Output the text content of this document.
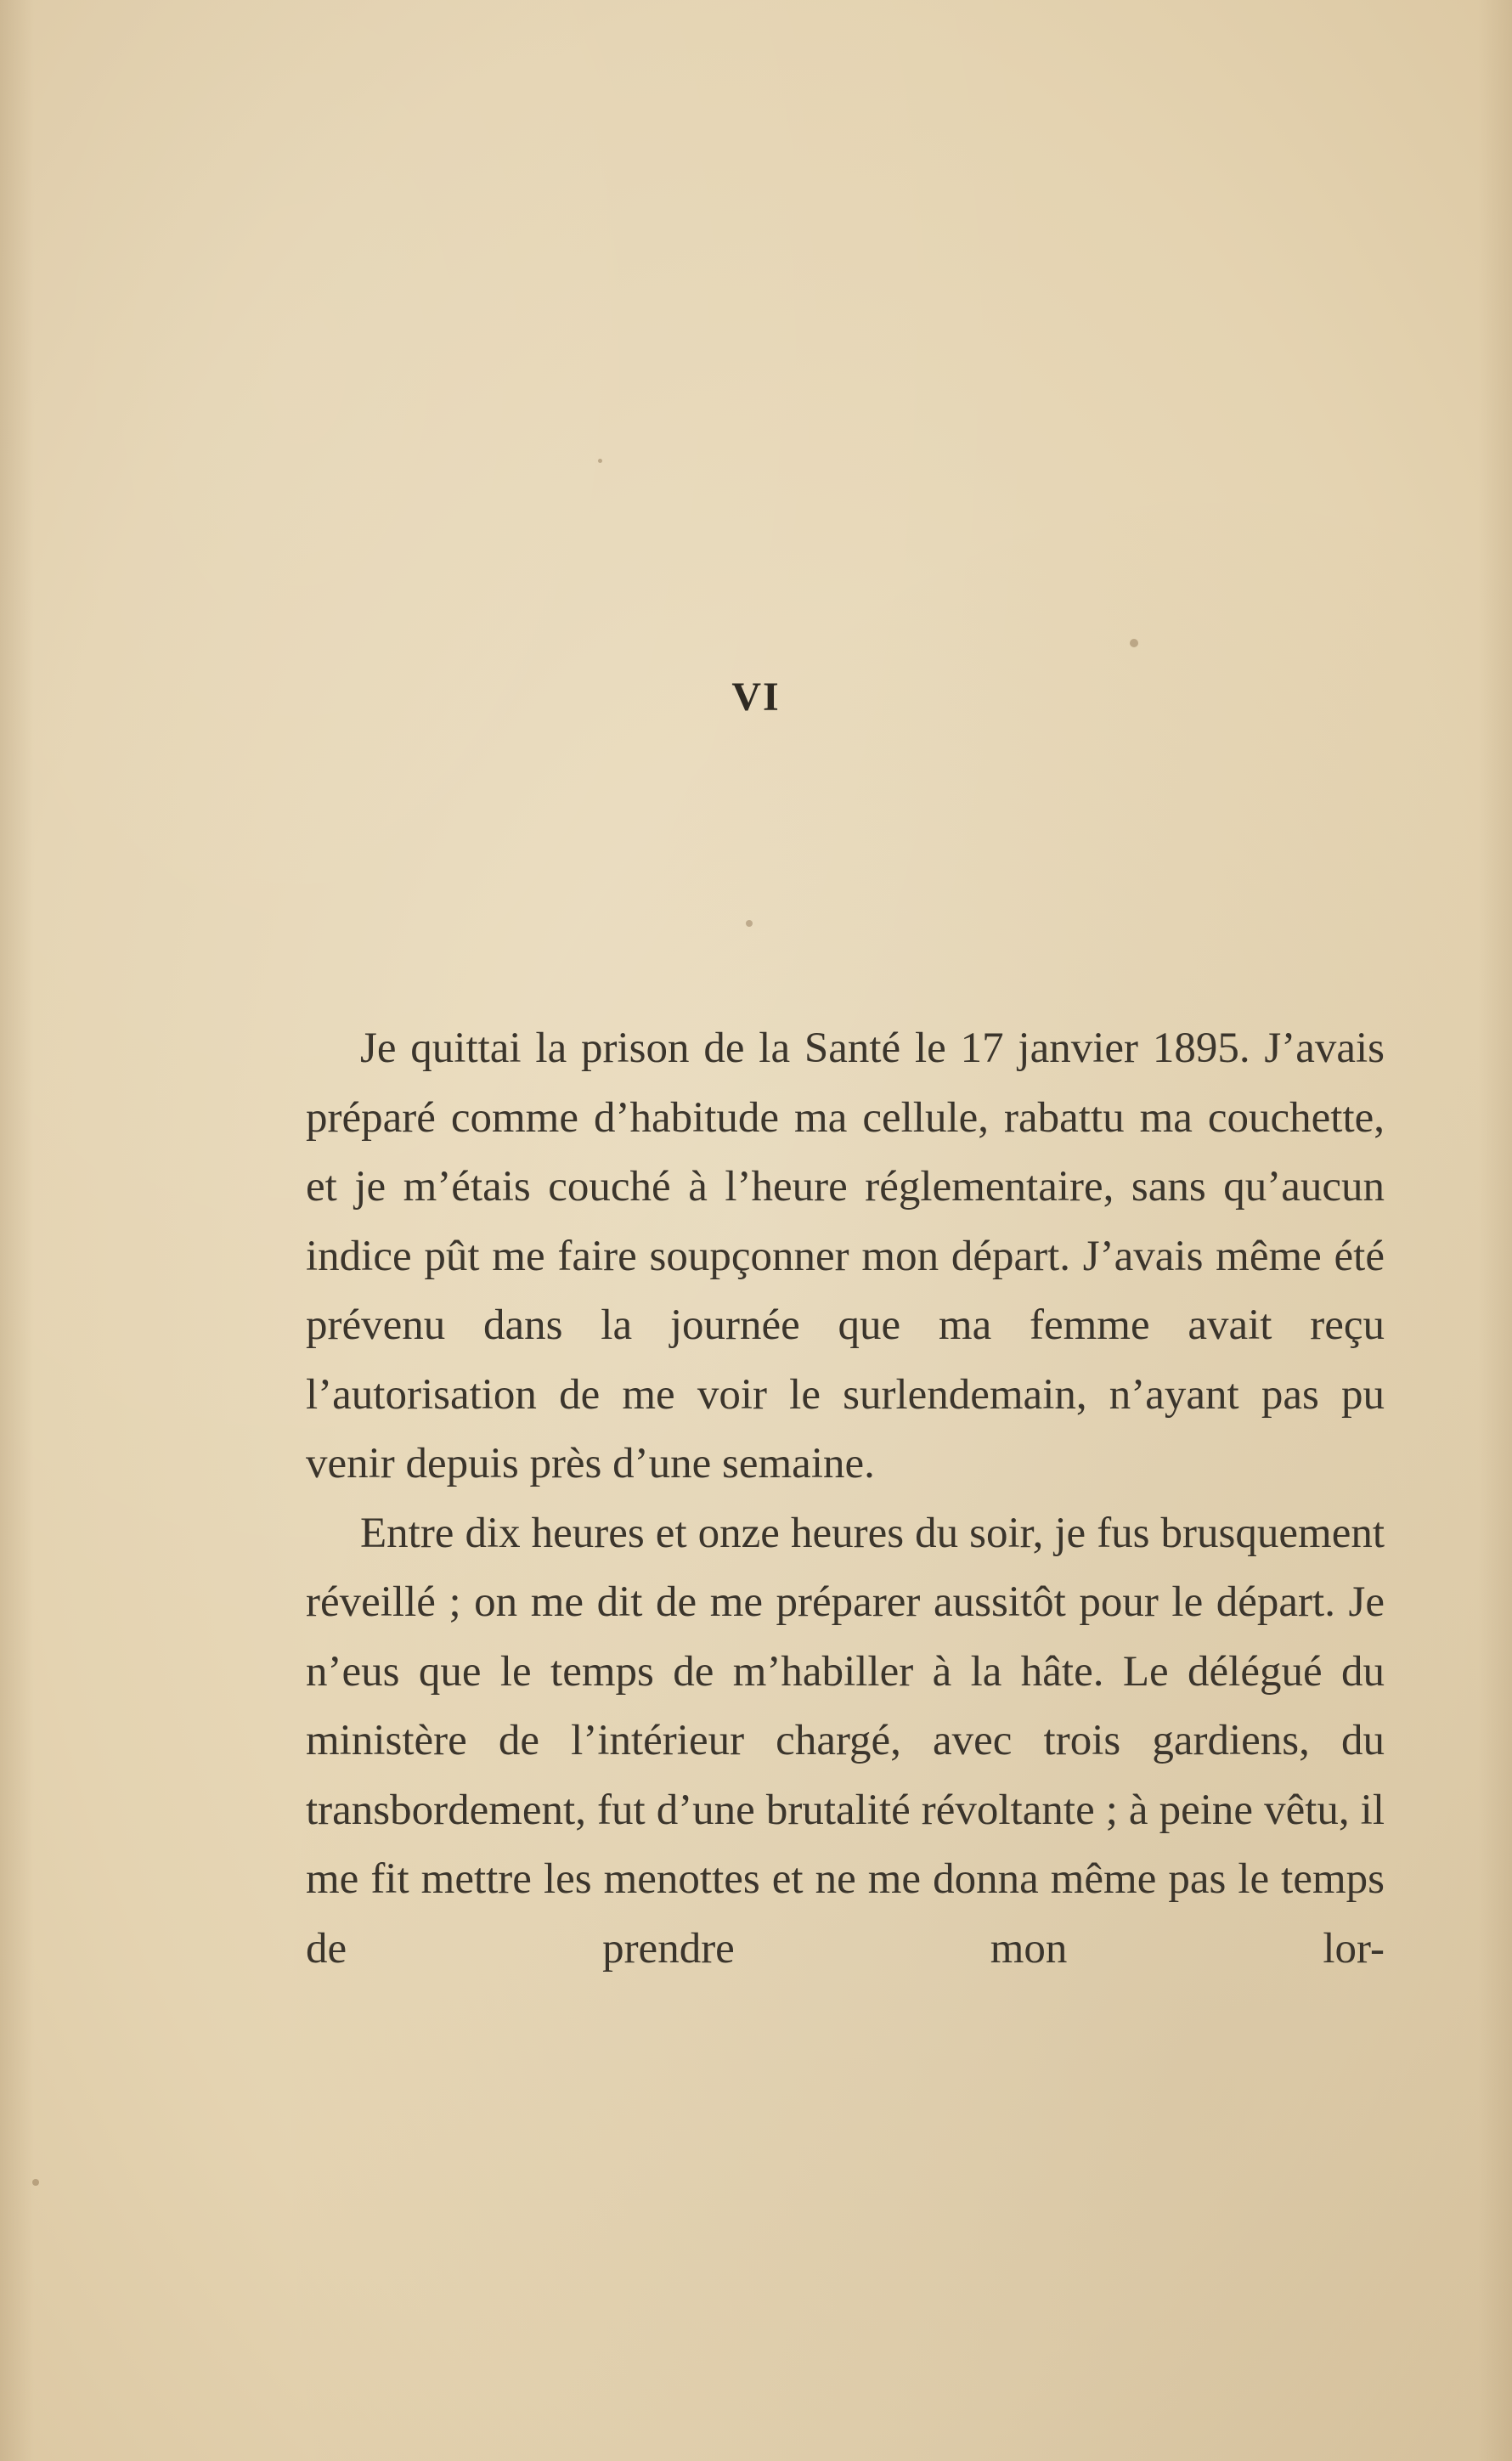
VI

Je quittai la prison de la Santé le 17 janvier 1895. J’avais préparé comme d’habitude ma cellule, rabattu ma couchette, et je m’étais couché à l’heure réglementaire, sans qu’aucun indice pût me faire soupçonner mon départ. J’avais même été prévenu dans la journée que ma femme avait reçu l’autorisation de me voir le surlendemain, n’ayant pas pu venir depuis près d’une semaine.

Entre dix heures et onze heures du soir, je fus brusquement réveillé ; on me dit de me préparer aussitôt pour le départ. Je n’eus que le temps de m’habiller à la hâte. Le délégué du ministère de l’intérieur chargé, avec trois gardiens, du transbordement, fut d’une brutalité révoltante ; à peine vêtu, il me fit mettre les menottes et ne me donna même pas le temps de prendre mon lor-
